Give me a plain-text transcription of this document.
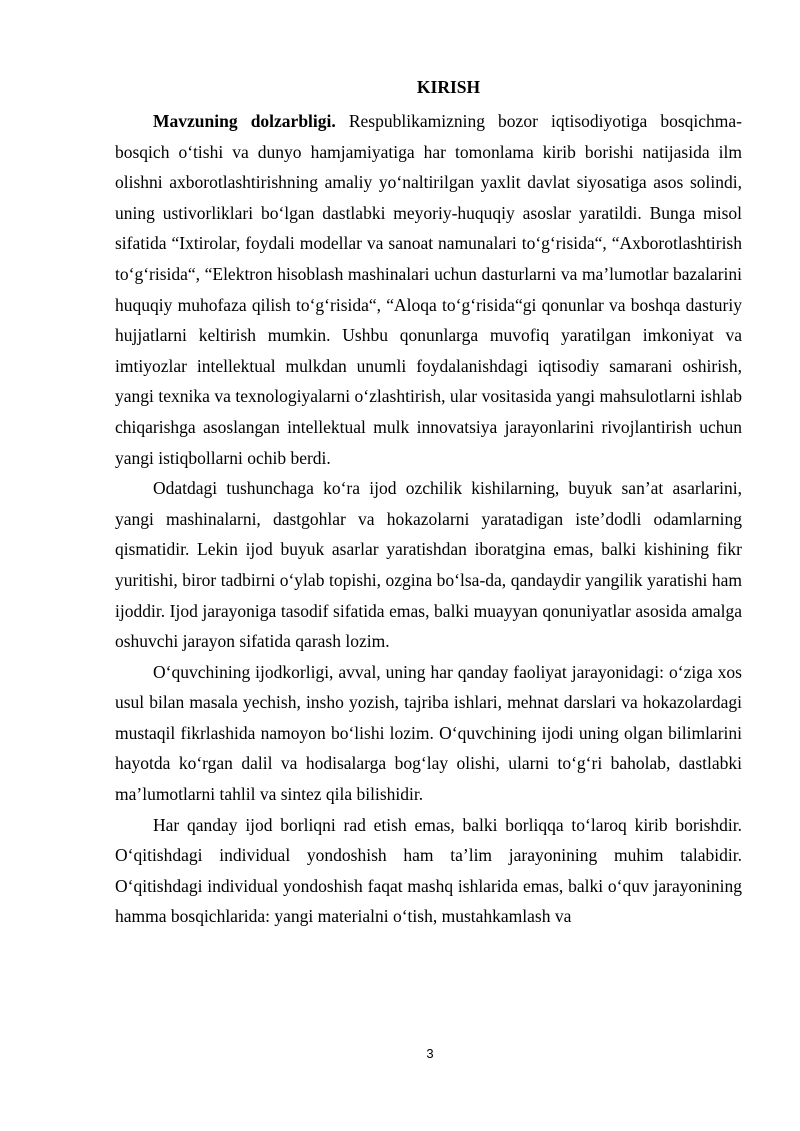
KIRISH

Mavzuning dolzarbligi. Respublikamizning bozor iqtisodiyotiga bosqichma-bosqich o‘tishi va dunyo hamjamiyatiga har tomonlama kirib borishi natijasida ilm olishni axborotlashtirishning amaliy yo‘naltirilgan yaxlit davlat siyosatiga asos solindi, uning ustivorliklari bo‘lgan dastlabki meyoriy-huquqiy asoslar yaratildi. Bunga misol sifatida “Ixtirolar, foydali modellar va sanoat namunalari to‘g‘risida“, “Axborotlashtirish to‘g‘risida“, “Elektron hisoblash mashinalari uchun dasturlarni va ma’lumotlar bazalarini huquqiy muhofaza qilish to‘g‘risida“, “Aloqa to‘g‘risida“gi qonunlar va boshqa dasturiy hujjatlarni keltirish mumkin. Ushbu qonunlarga muvofiq yaratilgan imkoniyat va imtiyozlar intellektual mulkdan unumli foydalanishdagi iqtisodiy samarani oshirish, yangi texnika va texnologiyalarni o‘zlashtirish, ular vositasida yangi mahsulotlarni ishlab chiqarishga asoslangan intellektual mulk innovatsiya jarayonlarini rivojlantirish uchun yangi istiqbollarni ochib berdi.

Odatdagi tushunchaga ko‘ra ijod ozchilik kishilarning, buyuk san’at asarlarini, yangi mashinalarni, dastgohlar va hokazolarni yaratadigan iste’dodli odamlarning qismatidir. Lekin ijod buyuk asarlar yaratishdan iboratgina emas, balki kishining fikr yuritishi, biror tadbirni o‘ylab topishi, ozgina bo‘lsa-da, qandaydir yangilik yaratishi ham ijoddir. Ijod jarayoniga tasodif sifatida emas, balki muayyan qonuniyatlar asosida amalga oshuvchi jarayon sifatida qarash lozim.

O‘quvchining ijodkorligi, avval, uning har qanday faoliyat jarayonidagi: o‘ziga xos usul bilan masala yechish, insho yozish, tajriba ishlari, mehnat darslari va hokazolardagi mustaqil fikrlashida namoyon bo‘lishi lozim. O‘quvchining ijodi uning olgan bilimlarini hayotda ko‘rgan dalil va hodisalarga bog‘lay olishi, ularni to‘g‘ri baholab, dastlabki ma’lumotlarni tahlil va sintez qila bilishidir.

Har qanday ijod borliqni rad etish emas, balki borliqqa to‘laroq kirib borishdir. O‘qitishdagi individual yondoshish ham ta’lim jarayonining muhim talabidir. O‘qitishdagi individual yondoshish faqat mashq ishlarida emas, balki o‘quv jarayonining hamma bosqichlarida: yangi materialni o‘tish, mustahkamlash va

3
